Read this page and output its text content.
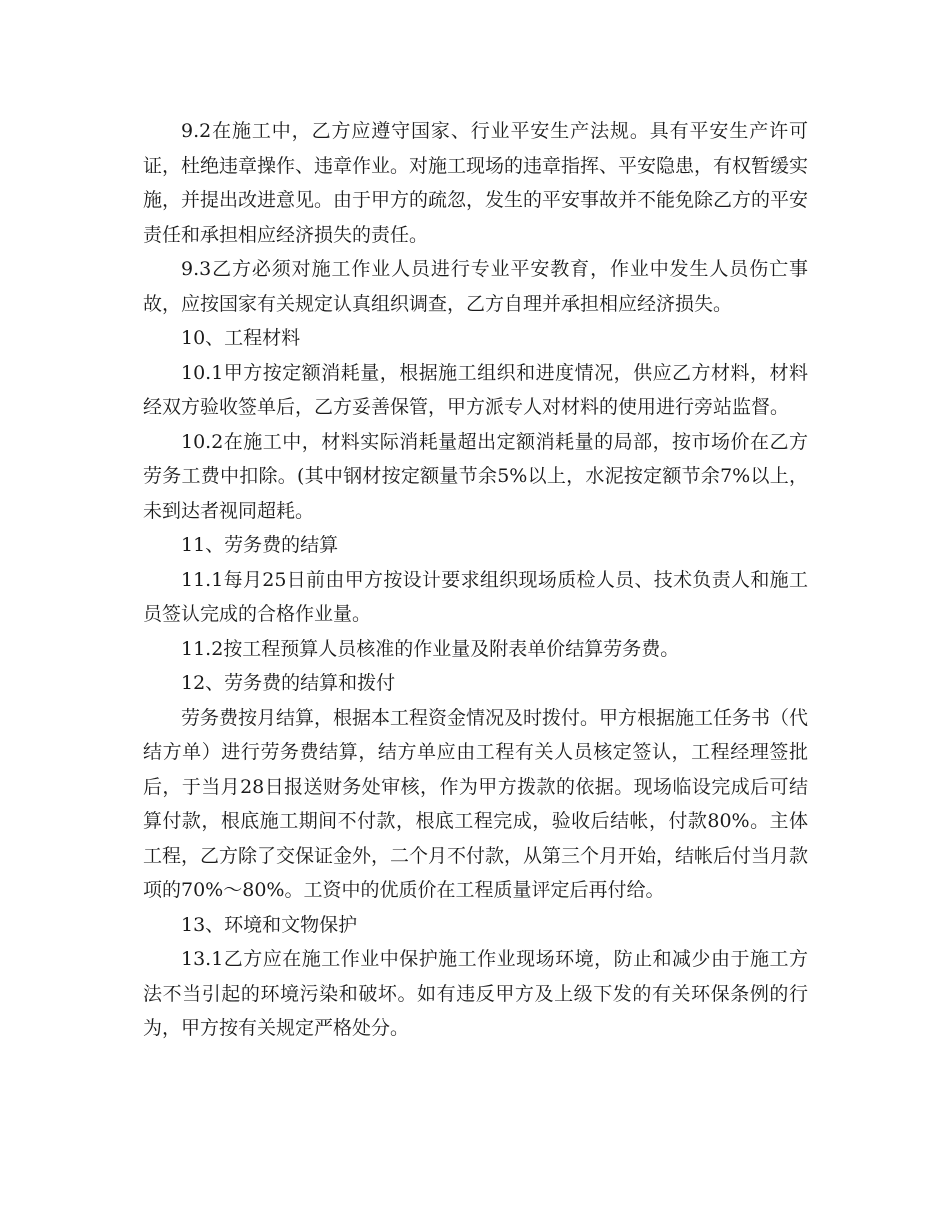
9.2在施工中，乙方应遵守国家、行业平安生产法规。具有平安生产许可证，杜绝违章操作、违章作业。对施工现场的违章指挥、平安隐患，有权暂缓实施，并提出改进意见。由于甲方的疏忽，发生的平安事故并不能免除乙方的平安责任和承担相应经济损失的责任。

9.3乙方必须对施工作业人员进行专业平安教育，作业中发生人员伤亡事故，应按国家有关规定认真组织调查，乙方自理并承担相应经济损失。

10、工程材料

10.1甲方按定额消耗量，根据施工组织和进度情况，供应乙方材料，材料经双方验收签单后，乙方妥善保管，甲方派专人对材料的使用进行旁站监督。

10.2在施工中，材料实际消耗量超出定额消耗量的局部，按市场价在乙方劳务工费中扣除。(其中钢材按定额量节余5%以上，水泥按定额节余7%以上，未到达者视同超耗。

11、劳务费的结算

11.1每月25日前由甲方按设计要求组织现场质检人员、技术负责人和施工员签认完成的合格作业量。

11.2按工程预算人员核准的作业量及附表单价结算劳务费。

12、劳务费的结算和拨付

劳务费按月结算，根据本工程资金情况及时拨付。甲方根据施工任务书（代结方单）进行劳务费结算，结方单应由工程有关人员核定签认，工程经理签批后，于当月28日报送财务处审核，作为甲方拨款的依据。现场临设完成后可结算付款，根底施工期间不付款，根底工程完成，验收后结帐，付款80%。主体工程，乙方除了交保证金外，二个月不付款，从第三个月开始，结帐后付当月款项的70%～80%。工资中的优质价在工程质量评定后再付给。

13、环境和文物保护

13.1乙方应在施工作业中保护施工作业现场环境，防止和减少由于施工方法不当引起的环境污染和破坏。如有违反甲方及上级下发的有关环保条例的行为，甲方按有关规定严格处分。
